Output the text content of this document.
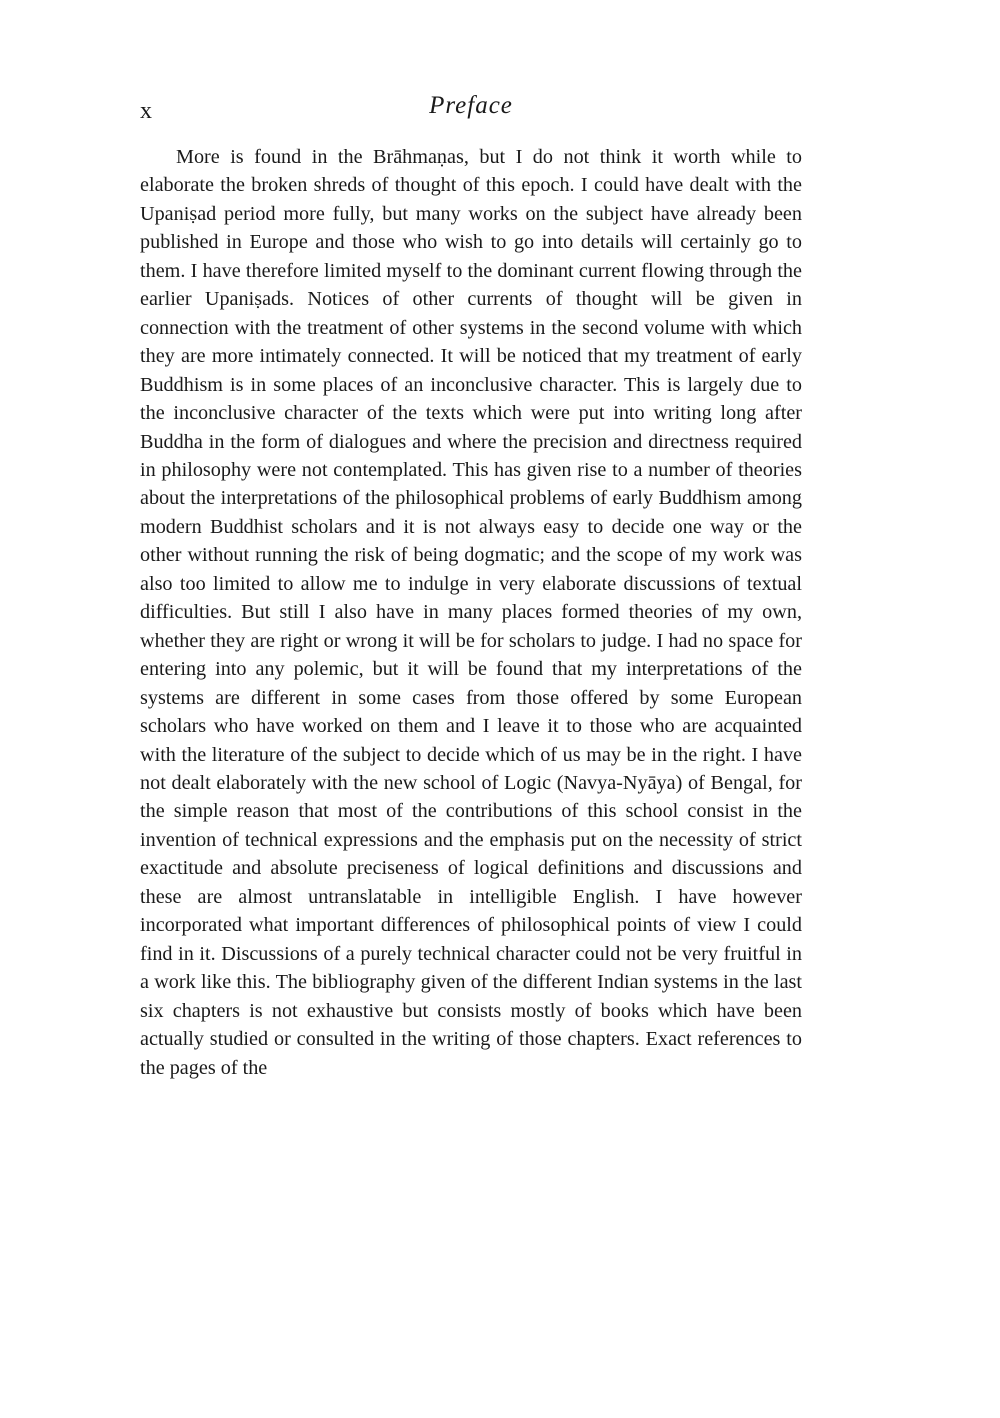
x	Preface

More is found in the Brāhmaṇas, but I do not think it worth while to elaborate the broken shreds of thought of this epoch. I could have dealt with the Upaniṣad period more fully, but many works on the subject have already been published in Europe and those who wish to go into details will certainly go to them. I have therefore limited myself to the dominant current flowing through the earlier Upaniṣads. Notices of other currents of thought will be given in connection with the treatment of other systems in the second volume with which they are more intimately connected. It will be noticed that my treatment of early Buddhism is in some places of an inconclusive character. This is largely due to the inconclusive character of the texts which were put into writing long after Buddha in the form of dialogues and where the precision and directness required in philosophy were not contemplated. This has given rise to a number of theories about the interpretations of the philosophical problems of early Buddhism among modern Buddhist scholars and it is not always easy to decide one way or the other without running the risk of being dogmatic; and the scope of my work was also too limited to allow me to indulge in very elaborate discussions of textual difficulties. But still I also have in many places formed theories of my own, whether they are right or wrong it will be for scholars to judge. I had no space for entering into any polemic, but it will be found that my interpretations of the systems are different in some cases from those offered by some European scholars who have worked on them and I leave it to those who are acquainted with the literature of the subject to decide which of us may be in the right. I have not dealt elaborately with the new school of Logic (Navya-Nyāya) of Bengal, for the simple reason that most of the contributions of this school consist in the invention of technical expressions and the emphasis put on the necessity of strict exactitude and absolute preciseness of logical definitions and discussions and these are almost untranslatable in intelligible English. I have however incorporated what important differences of philosophical points of view I could find in it. Discussions of a purely technical character could not be very fruitful in a work like this. The bibliography given of the different Indian systems in the last six chapters is not exhaustive but consists mostly of books which have been actually studied or consulted in the writing of those chapters. Exact references to the pages of the
